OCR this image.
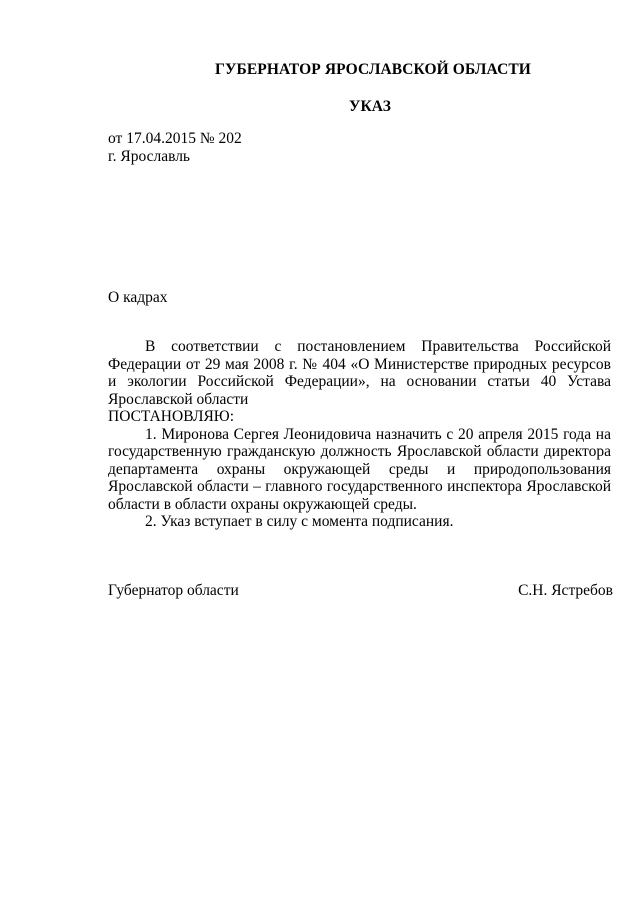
ГУБЕРНАТОР ЯРОСЛАВСКОЙ ОБЛАСТИ
УКАЗ
от 17.04.2015 № 202
г. Ярославль
О кадрах

В соответствии с постановлением Правительства Российской Федерации от 29 мая 2008 г. № 404 «О Министерстве природных ресурсов и экологии Российской Федерации», на основании статьи 40 Устава Ярославской области

ПОСТАНОВЛЯЮ:

1. Миронова Сергея Леонидовича назначить с 20 апреля 2015 года на государственную гражданскую должность Ярославской области директора департамента охраны окружающей среды и природопользования Ярославской области – главного государственного инспектора Ярославской области в области охраны окружающей среды.

2. Указ вступает в силу с момента подписания.

Губернатор области	С.Н. Ястребов
